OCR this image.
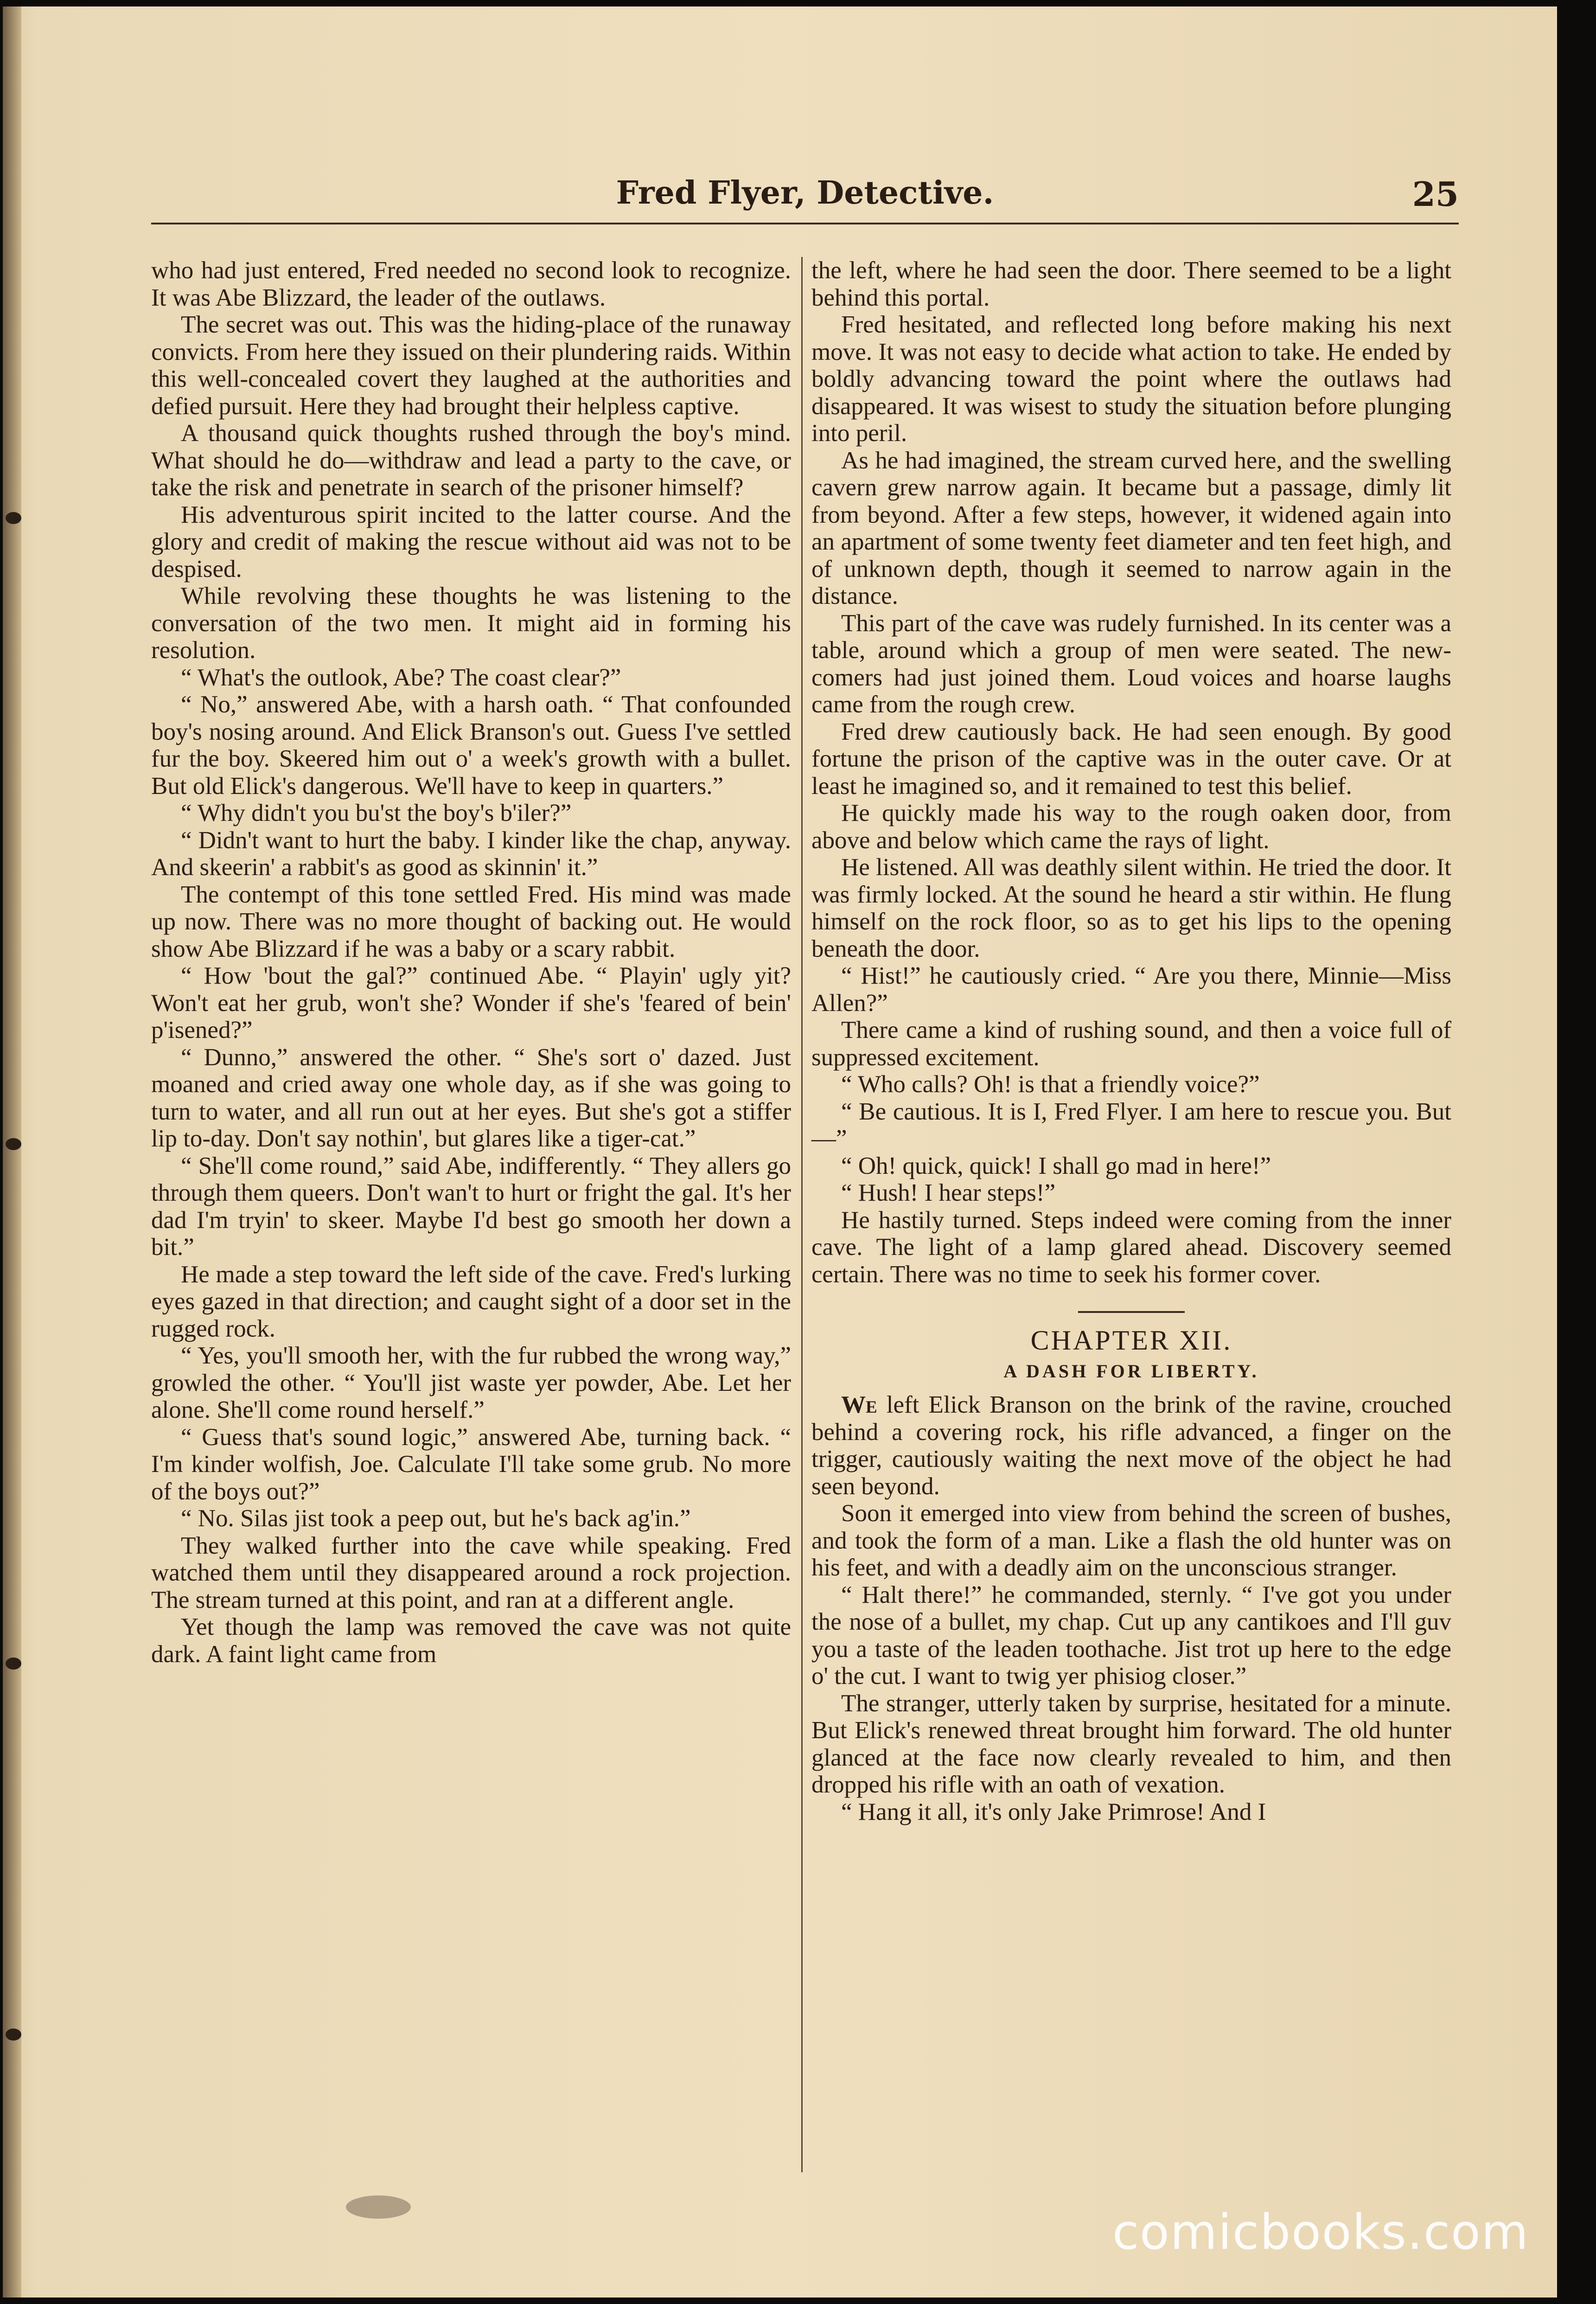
Fred Flyer, Detective.	25

who had just entered, Fred needed no second look to recognize. It was Abe Blizzard, the leader of the outlaws.

The secret was out. This was the hiding-place of the runaway convicts. From here they issued on their plundering raids. Within this well-concealed covert they laughed at the authorities and defied pursuit. Here they had brought their helpless captive.

A thousand quick thoughts rushed through the boy's mind. What should he do—withdraw and lead a party to the cave, or take the risk and penetrate in search of the prisoner himself?

His adventurous spirit incited to the latter course. And the glory and credit of making the rescue without aid was not to be despised.

While revolving these thoughts he was listening to the conversation of the two men. It might aid in forming his resolution.

“ What's the outlook, Abe? The coast clear?”

“ No,” answered Abe, with a harsh oath. “ That confounded boy's nosing around. And Elick Branson's out. Guess I've settled fur the boy. Skeered him out o' a week's growth with a bullet. But old Elick's dangerous. We'll have to keep in quarters.”

“ Why didn't you bu'st the boy's b'iler?”

“ Didn't want to hurt the baby. I kinder like the chap, anyway. And skeerin' a rabbit's as good as skinnin' it.”

The contempt of this tone settled Fred. His mind was made up now. There was no more thought of backing out. He would show Abe Blizzard if he was a baby or a scary rabbit.

“ How 'bout the gal?” continued Abe. “ Playin' ugly yit? Won't eat her grub, won't she? Wonder if she's 'feared of bein' p'isened?”

“ Dunno,” answered the other. “ She's sort o' dazed. Just moaned and cried away one whole day, as if she was going to turn to water, and all run out at her eyes. But she's got a stiffer lip to-day. Don't say nothin', but glares like a tiger-cat.”

“ She'll come round,” said Abe, indifferently. “ They allers go through them queers. Don't wan't to hurt or fright the gal. It's her dad I'm tryin' to skeer. Maybe I'd best go smooth her down a bit.”

He made a step toward the left side of the cave. Fred's lurking eyes gazed in that direction; and caught sight of a door set in the rugged rock.

“ Yes, you'll smooth her, with the fur rubbed the wrong way,” growled the other. “ You'll jist waste yer powder, Abe. Let her alone. She'll come round herself.”

“ Guess that's sound logic,” answered Abe, turning back. “ I'm kinder wolfish, Joe. Calculate I'll take some grub. No more of the boys out?”

“ No. Silas jist took a peep out, but he's back ag'in.”

They walked further into the cave while speaking. Fred watched them until they disappeared around a rock projection. The stream turned at this point, and ran at a different angle.

Yet though the lamp was removed the cave was not quite dark. A faint light came from

the left, where he had seen the door. There seemed to be a light behind this portal.

Fred hesitated, and reflected long before making his next move. It was not easy to decide what action to take. He ended by boldly advancing toward the point where the outlaws had disappeared. It was wisest to study the situation before plunging into peril.

As he had imagined, the stream curved here, and the swelling cavern grew narrow again. It became but a passage, dimly lit from beyond. After a few steps, however, it widened again into an apartment of some twenty feet diameter and ten feet high, and of unknown depth, though it seemed to narrow again in the distance.

This part of the cave was rudely furnished. In its center was a table, around which a group of men were seated. The new-comers had just joined them. Loud voices and hoarse laughs came from the rough crew.

Fred drew cautiously back. He had seen enough. By good fortune the prison of the captive was in the outer cave. Or at least he imagined so, and it remained to test this belief.

He quickly made his way to the rough oaken door, from above and below which came the rays of light.

He listened. All was deathly silent within. He tried the door. It was firmly locked. At the sound he heard a stir within. He flung himself on the rock floor, so as to get his lips to the opening beneath the door.

“ Hist!” he cautiously cried. “ Are you there, Minnie—Miss Allen?”

There came a kind of rushing sound, and then a voice full of suppressed excitement.

“ Who calls? Oh! is that a friendly voice?”

“ Be cautious. It is I, Fred Flyer. I am here to rescue you. But—”

“ Oh! quick, quick! I shall go mad in here!”

“ Hush! I hear steps!”

He hastily turned. Steps indeed were coming from the inner cave. The light of a lamp glared ahead. Discovery seemed certain. There was no time to seek his former cover.

CHAPTER XII.
A DASH FOR LIBERTY.

We left Elick Branson on the brink of the ravine, crouched behind a covering rock, his rifle advanced, a finger on the trigger, cautiously waiting the next move of the object he had seen beyond.

Soon it emerged into view from behind the screen of bushes, and took the form of a man. Like a flash the old hunter was on his feet, and with a deadly aim on the unconscious stranger.

“ Halt there!” he commanded, sternly. “ I've got you under the nose of a bullet, my chap. Cut up any cantikoes and I'll guv you a taste of the leaden toothache. Jist trot up here to the edge o' the cut. I want to twig yer phisiog closer.”

The stranger, utterly taken by surprise, hesitated for a minute. But Elick's renewed threat brought him forward. The old hunter glanced at the face now clearly revealed to him, and then dropped his rifle with an oath of vexation.

“ Hang it all, it's only Jake Primrose! And I

comicbooks.com
